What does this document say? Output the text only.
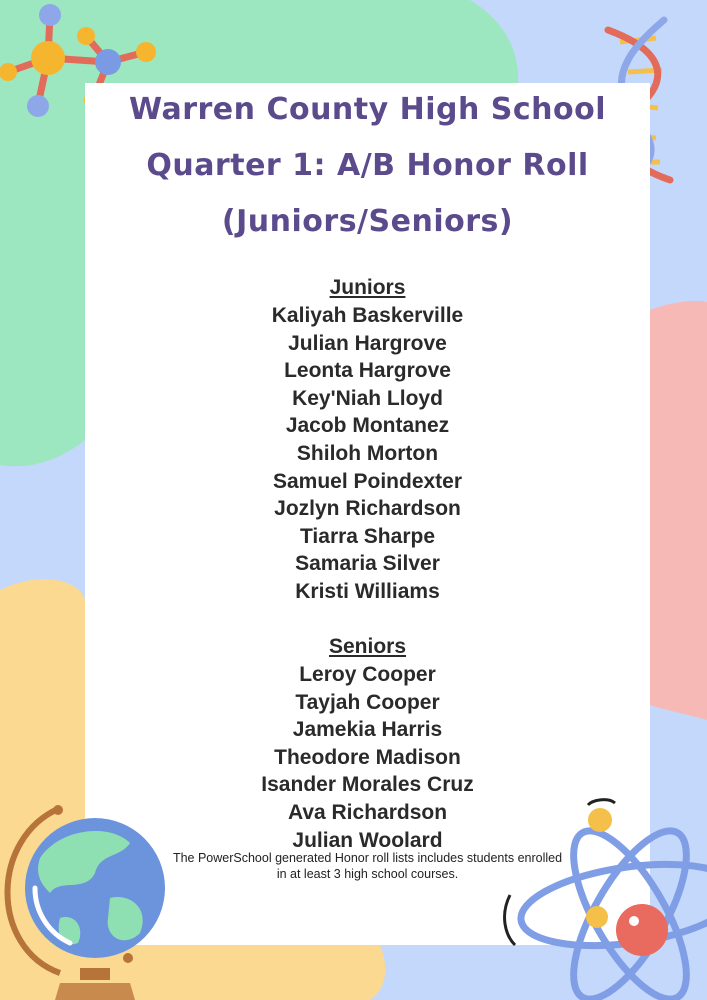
Warren County High School
Quarter 1: A/B Honor Roll
(Juniors/Seniors)
Juniors
Kaliyah Baskerville
Julian Hargrove
Leonta Hargrove
Key'Niah Lloyd
Jacob Montanez
Shiloh Morton
Samuel Poindexter
Jozlyn Richardson
Tiarra Sharpe
Samaria Silver
Kristi Williams
Seniors
Leroy Cooper
Tayjah Cooper
Jamekia Harris
Theodore Madison
Isander Morales Cruz
Ava Richardson
Julian Woolard
The PowerSchool generated Honor roll lists includes students enrolled
in at least 3 high school courses.
